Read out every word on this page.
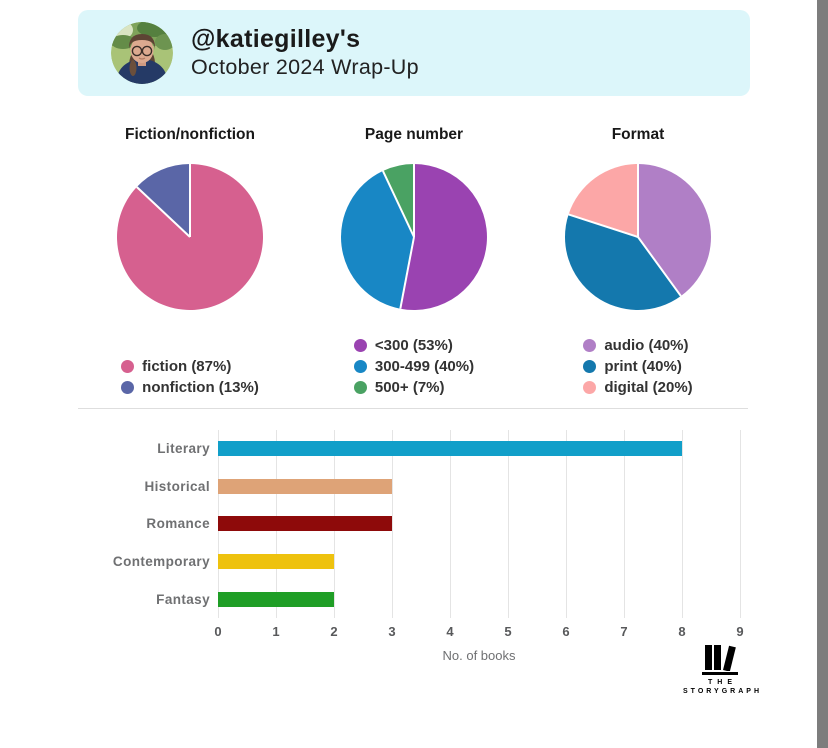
@katiegilley's
October 2024 Wrap-Up
Fiction/nonfiction
fiction (87%)
nonfiction (13%)
Page number
<300 (53%)
300-499 (40%)
500+ (7%)
Format
audio (40%)
print (40%)
digital (20%)
Literary
Historical
Romance
Contemporary
Fantasy
0	1	2	3	4	5	6	7	8	9
No. of books
THE
STORYGRAPH
